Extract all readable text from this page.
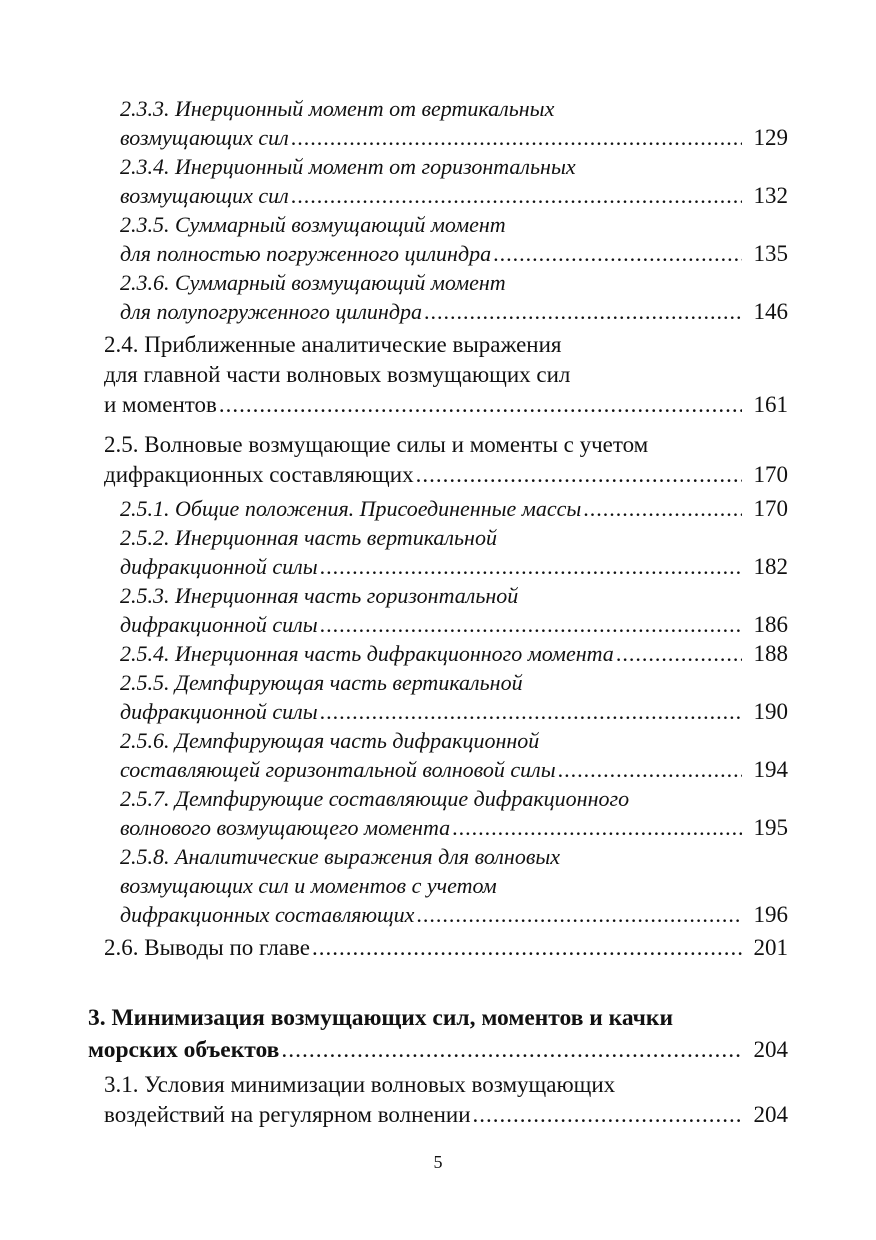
2.3.3. Инерционный момент от вертикальных
возмущающих сил .....	129
2.3.4. Инерционный момент от горизонтальных
возмущающих сил .....	132
2.3.5. Суммарный возмущающий момент
для полностью погруженного цилиндра .....	135
2.3.6. Суммарный возмущающий момент
для полупогруженного цилиндра .....	146
2.4. Приближенные аналитические выражения
для главной части волновых возмущающих сил
и моментов .....	161
2.5. Волновые возмущающие силы и моменты с учетом
дифракционных составляющих .....	170
2.5.1. Общие положения. Присоединенные массы .....	170
2.5.2. Инерционная часть вертикальной
дифракционной силы .....	182
2.5.3. Инерционная часть горизонтальной
дифракционной силы .....	186
2.5.4. Инерционная часть дифракционного момента .....	188
2.5.5. Демпфирующая часть вертикальной
дифракционной силы .....	190
2.5.6. Демпфирующая часть дифракционной
составляющей горизонтальной волновой силы .....	194
2.5.7. Демпфирующие составляющие дифракционного
волнового возмущающего момента .....	195
2.5.8. Аналитические выражения для волновых
возмущающих сил и моментов с учетом
дифракционных составляющих .....	196
2.6. Выводы по главе .....	201
3. Минимизация возмущающих сил, моментов и качки
морских объектов .....	204
3.1. Условия минимизации волновых возмущающих
воздействий на регулярном волнении .....	204
5
